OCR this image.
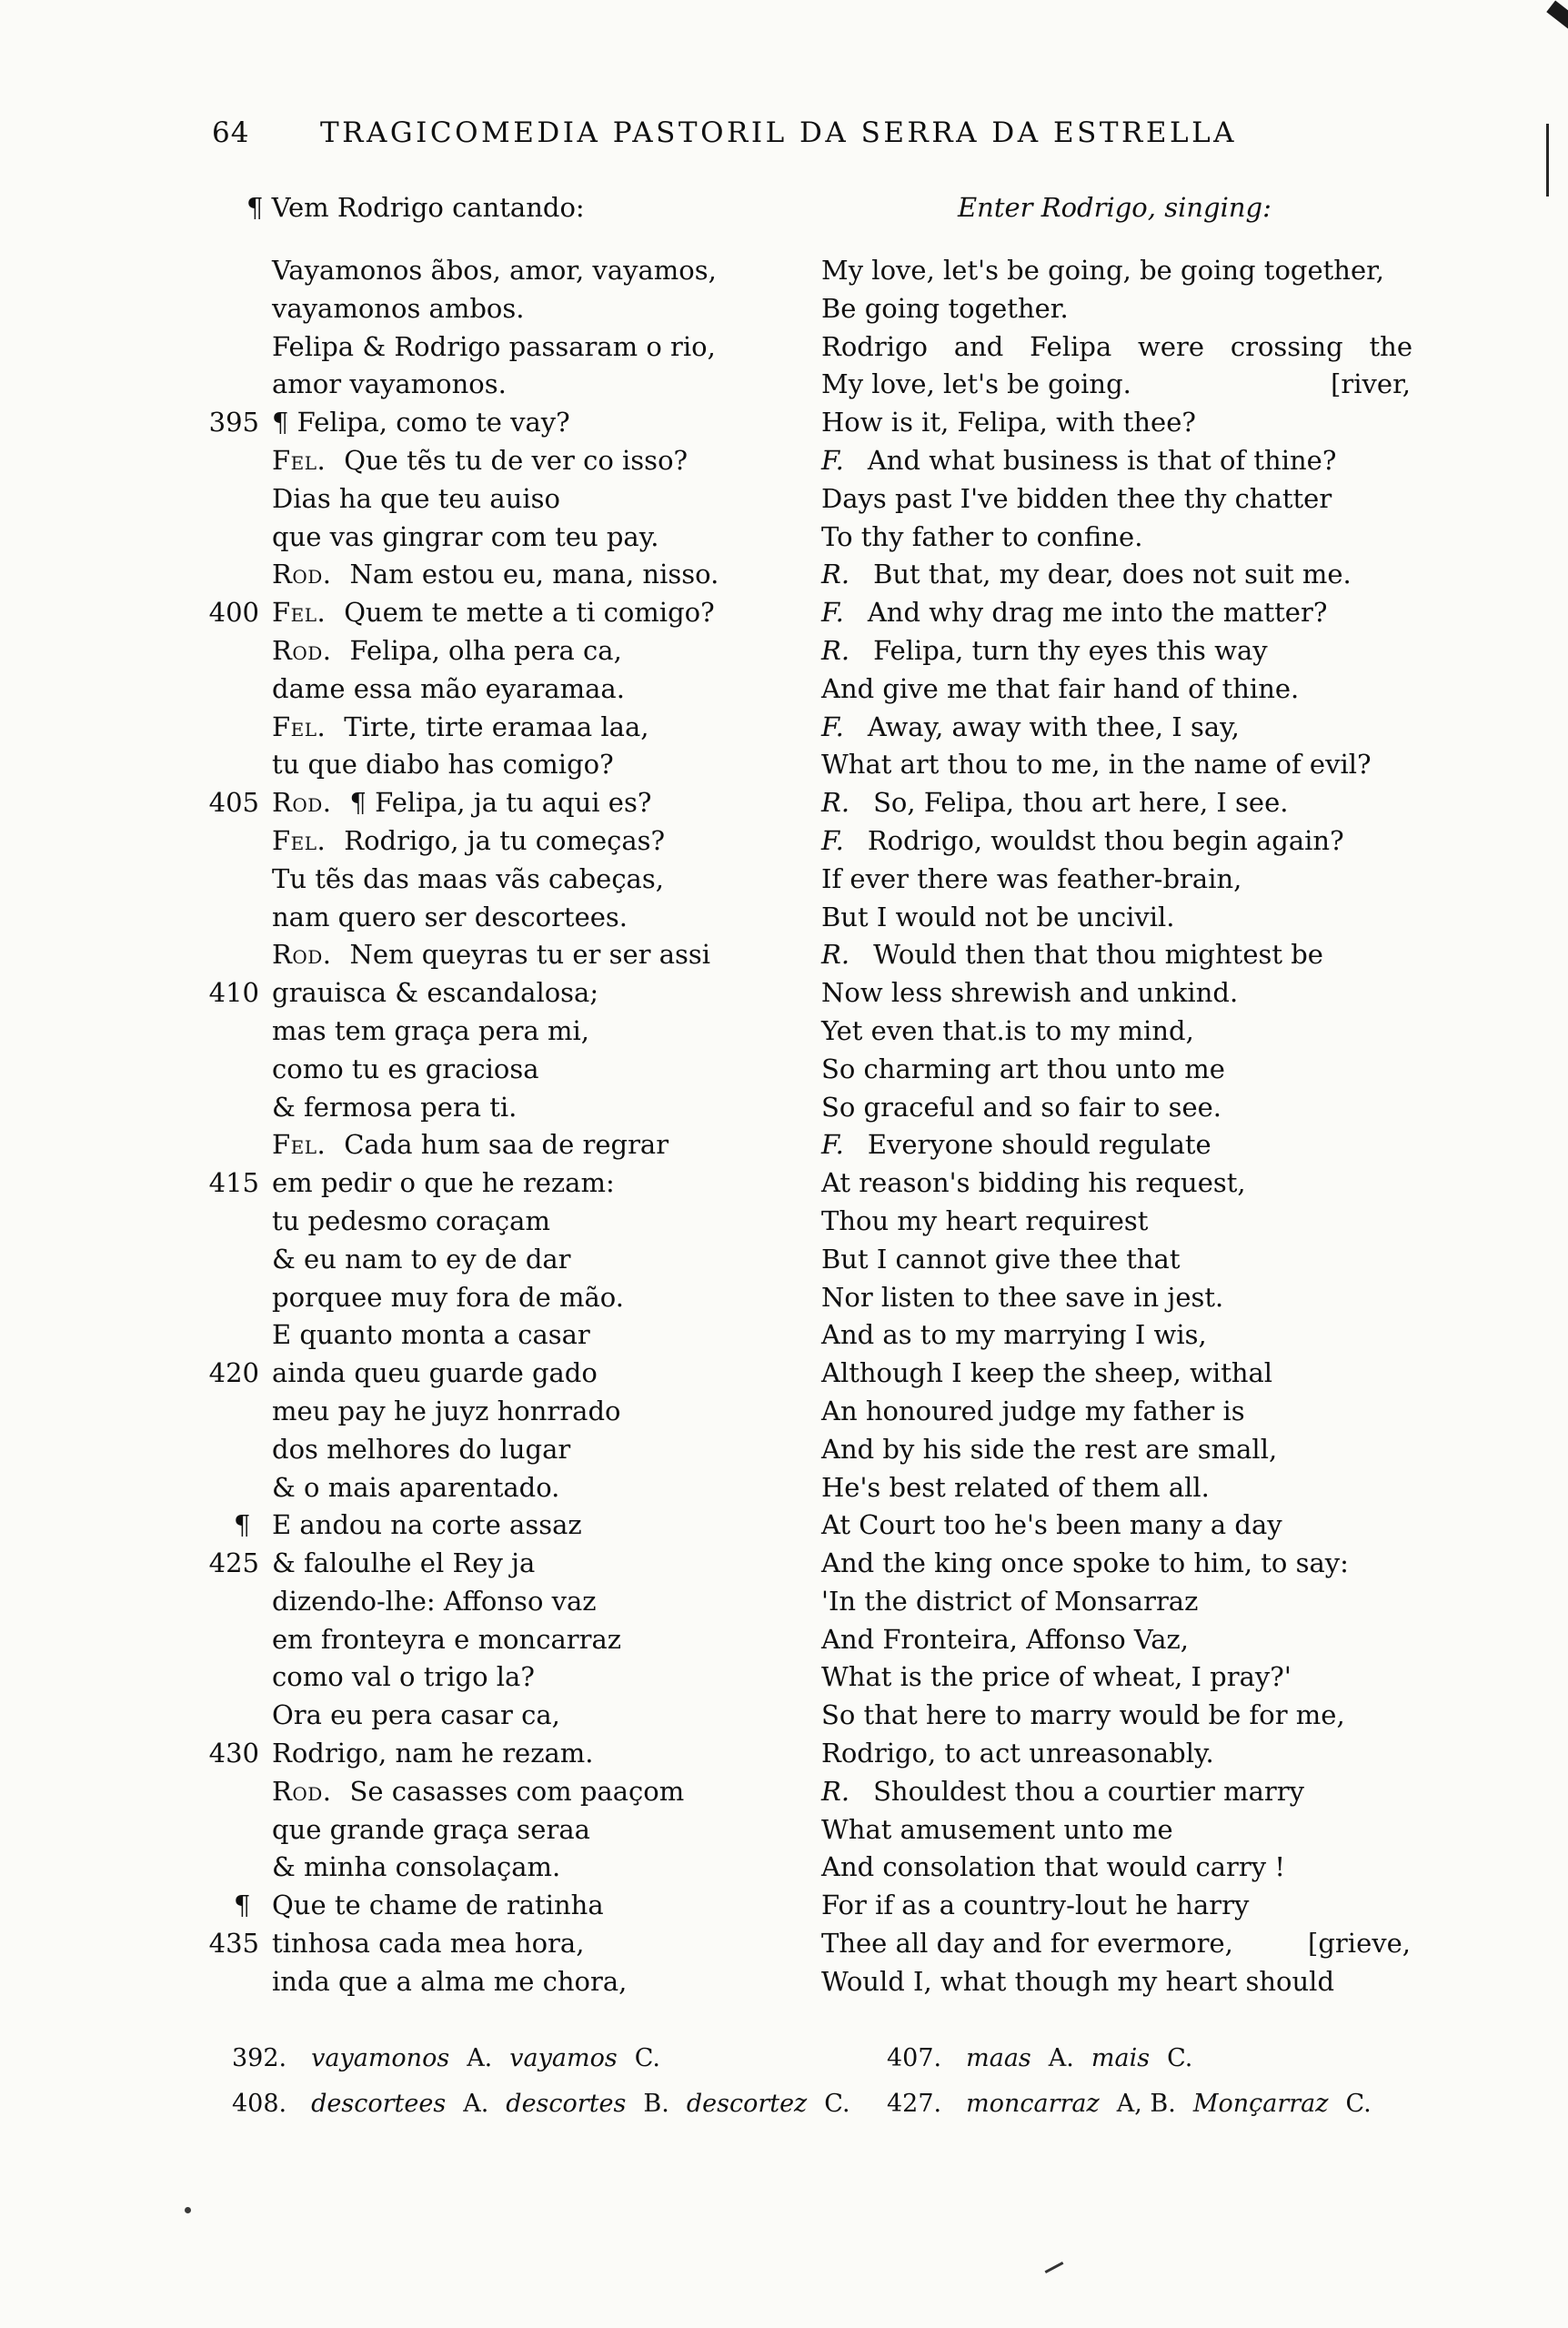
64	TRAGICOMEDIA PASTORIL DA SERRA DA ESTRELLA
¶ Vem Rodrigo cantando:
Vayamonos ãbos, amor, vayamos,
vayamonos ambos.
Felipa & Rodrigo passaram o rio,
amor vayamonos.
395 ¶ Felipa, como te vay?
Fel. Que tẽs tu de ver co isso?
Dias ha que teu auiso
que vas gingrar com teu pay.
Rod. Nam estou eu, mana, nisso.
400 Fel. Quem te mette a ti comigo?
Rod. Felipa, olha pera ca,
dame essa mão eyaramaa.
Fel. Tirte, tirte eramaa laa,
tu que diabo has comigo?
405 Rod. ¶ Felipa, ja tu aqui es?
Fel. Rodrigo, ja tu começas?
Tu tẽs das maas vãs cabeças,
nam quero ser descortees.
Rod. Nem queyras tu er ser assi
410 grauisca & escandalosa;
mas tem graça pera mi,
como tu es graciosa
& fermosa pera ti.
Fel. Cada hum saa de regrar
415 em pedir o que he rezam:
tu pedesmo coraçam
& eu nam to ey de dar
porquee muy fora de mão.
E quanto monta a casar
420 ainda queu guarde gado
meu pay he juyz honrrado
dos melhores do lugar
& o mais aparentado.
¶ E andou na corte assaz
425 & faloulhe el Rey ja
dizendo-lhe: Affonso vaz
em fronteyra e moncarraz
como val o trigo la?
Ora eu pera casar ca,
430 Rodrigo, nam he rezam.
Rod. Se casasses com paaçom
que grande graça seraa
& minha consolaçam.
¶ Que te chame de ratinha
435 tinhosa cada mea hora,
inda que a alma me chora,
Enter Rodrigo, singing:
My love, let's be going, be going together,
Be going together.
Rodrigo and Felipa were crossing the
My love, let's be going.	[river,
How is it, Felipa, with thee?
F. And what business is that of thine?
Days past I've bidden thee thy chatter
To thy father to confine.
R. But that, my dear, does not suit me.
F. And why drag me into the matter?
R. Felipa, turn thy eyes this way
And give me that fair hand of thine.
F. Away, away with thee, I say,
What art thou to me, in the name of evil?
R. So, Felipa, thou art here, I see.
F. Rodrigo, wouldst thou begin again?
If ever there was feather-brain,
But I would not be uncivil.
R. Would then that thou mightest be
Now less shrewish and unkind.
Yet even that.is to my mind,
So charming art thou unto me
So graceful and so fair to see.
F. Everyone should regulate
At reason's bidding his request,
Thou my heart requirest
But I cannot give thee that
Nor listen to thee save in jest.
And as to my marrying I wis,
Although I keep the sheep, withal
An honoured judge my father is
And by his side the rest are small,
He's best related of them all.
At Court too he's been many a day
And the king once spoke to him, to say:
'In the district of Monsarraz
And Fronteira, Affonso Vaz,
What is the price of wheat, I pray?'
So that here to marry would be for me,
Rodrigo, to act unreasonably.
R. Shouldest thou a courtier marry
What amusement unto me
And consolation that would carry !
For if as a country-lout he harry
Thee all day and for evermore,	[grieve,
Would I, what though my heart should
392. vayamonos A. vayamos C.
408. descortees A. descortes B. descortez C.
407. maas A. mais C.
427. moncarraz A, B. Monçarraz C.
